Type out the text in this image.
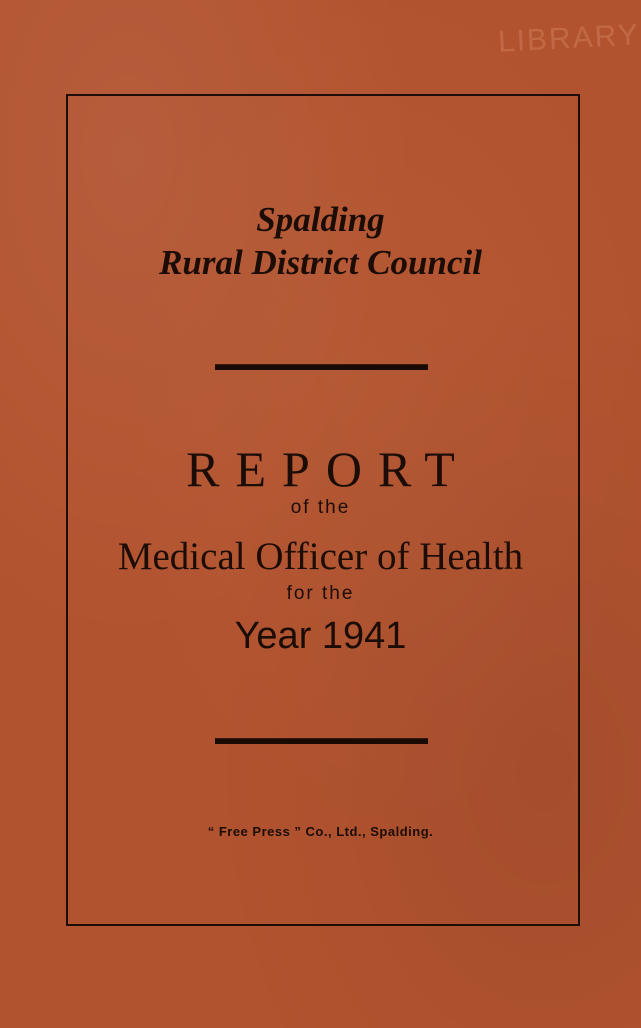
LIBRARY
Spalding
Rural District Council
REPORT
of the
Medical Officer of Health
for the
Year 1941
“ Free Press ” Co., Ltd., Spalding.
